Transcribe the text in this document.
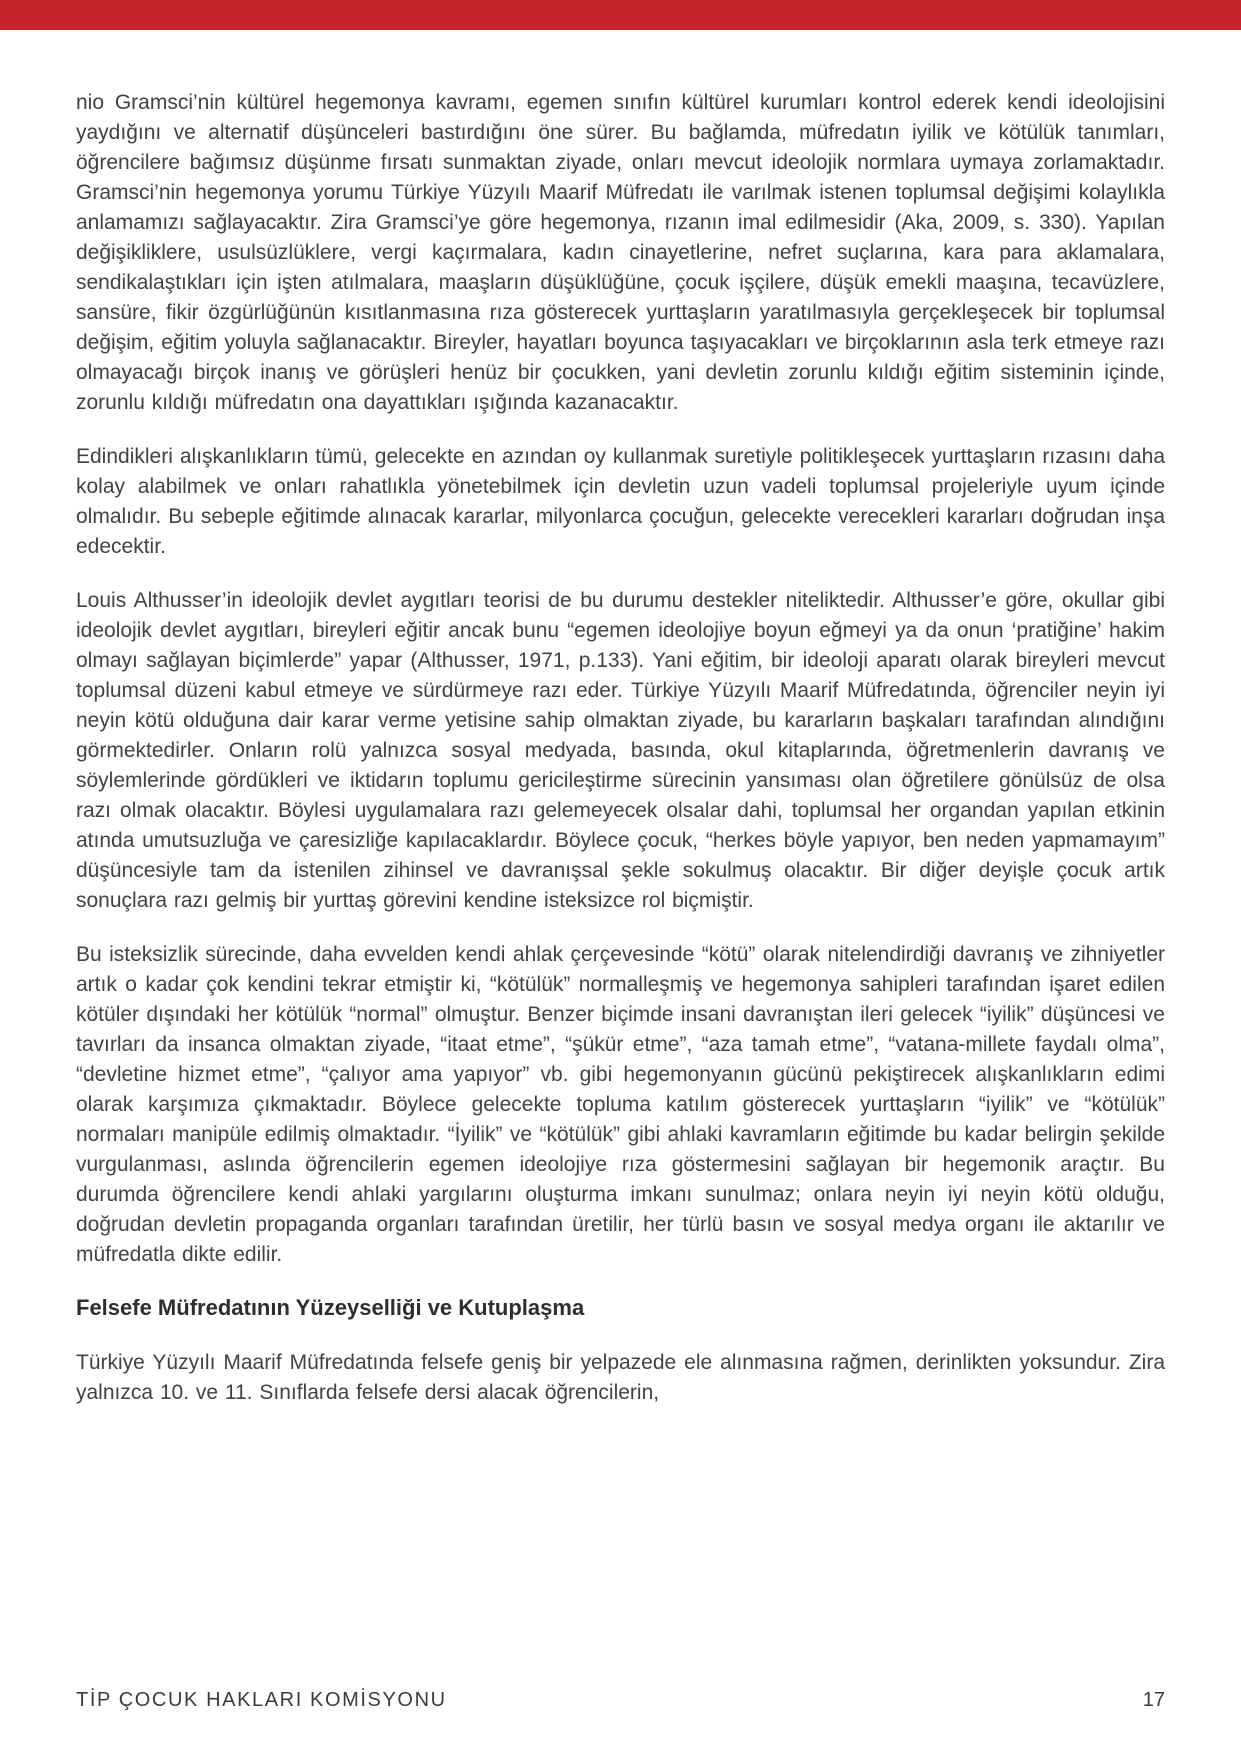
nio Gramsci’nin kültürel hegemonya kavramı, egemen sınıfın kültürel kurumları kontrol ederek kendi ideolojisini yaydığını ve alternatif düşünceleri bastırdığını öne sürer. Bu bağlamda, müfredatın iyilik ve kötülük tanımları, öğrencilere bağımsız düşünme fırsatı sunmaktan ziyade, onları mevcut ideolojik normlara uymaya zorlamaktadır. Gramsci’nin hegemonya yorumu Türkiye Yüzyılı Maarif Müfredatı ile varılmak istenen toplumsal değişimi kolaylıkla anlamamızı sağlayacaktır. Zira Gramsci’ye göre hegemonya, rızanın imal edilmesidir (Aka, 2009, s. 330). Yapılan değişikliklere, usulsüzlüklere, vergi kaçırmalara, kadın cinayetlerine, nefret suçlarına, kara para aklamalara, sendikalaştıkları için işten atılmalara, maaşların düşüklüğüne, çocuk işçilere, düşük emekli maaşına, tecavüzlere, sansüre, fikir özgürlüğünün kısıtlanmasına rıza gösterecek yurttaşların yaratılmasıyla gerçekleşecek bir toplumsal değişim, eğitim yoluyla sağlanacaktır. Bireyler, hayatları boyunca taşıyacakları ve birçoklarının asla terk etmeye razı olmayacağı birçok inanış ve görüşleri henüz bir çocukken, yani devletin zorunlu kıldığı eğitim sisteminin içinde, zorunlu kıldığı müfredatın ona dayattıkları ışığında kazanacaktır.

Edindikleri alışkanlıkların tümü, gelecekte en azından oy kullanmak suretiyle politikleşecek yurttaşların rızasını daha kolay alabilmek ve onları rahatlıkla yönetebilmek için devletin uzun vadeli toplumsal projeleriyle uyum içinde olmalıdır. Bu sebeple eğitimde alınacak kararlar, milyonlarca çocuğun, gelecekte verecekleri kararları doğrudan inşa edecektir.

Louis Althusser’in ideolojik devlet aygıtları teorisi de bu durumu destekler niteliktedir. Althusser’e göre, okullar gibi ideolojik devlet aygıtları, bireyleri eğitir ancak bunu “egemen ideolojiye boyun eğmeyi ya da onun ‘pratiğine’ hakim olmayı sağlayan biçimlerde” yapar (Althusser, 1971, p.133). Yani eğitim, bir ideoloji aparatı olarak bireyleri mevcut toplumsal düzeni kabul etmeye ve sürdürmeye razı eder. Türkiye Yüzyılı Maarif Müfredatında, öğrenciler neyin iyi neyin kötü olduğuna dair karar verme yetisine sahip olmaktan ziyade, bu kararların başkaları tarafından alındığını görmektedirler. Onların rolü yalnızca sosyal medyada, basında, okul kitaplarında, öğretmenlerin davranış ve söylemlerinde gördükleri ve iktidarın toplumu gericileştirme sürecinin yansıması olan öğretilere gönülsüz de olsa razı olmak olacaktır. Böylesi uygulamalara razı gelemeyecek olsalar dahi, toplumsal her organdan yapılan etkinin atında umutsuzluğa ve çaresizliğe kapılacaklardır. Böylece çocuk, “herkes böyle yapıyor, ben neden yapmamayım” düşüncesiyle tam da istenilen zihinsel ve davranışsal şekle sokulmuş olacaktır. Bir diğer deyişle çocuk artık sonuçlara razı gelmiş bir yurttaş görevini kendine isteksizce rol biçmiştir.

Bu isteksizlik sürecinde, daha evvelden kendi ahlak çerçevesinde “kötü” olarak nitelendirdiği davranış ve zihniyetler artık o kadar çok kendini tekrar etmiştir ki, “kötülük” normalleşmiş ve hegemonya sahipleri tarafından işaret edilen kötüler dışındaki her kötülük “normal” olmuştur. Benzer biçimde insani davranıştan ileri gelecek “iyilik” düşüncesi ve tavırları da insanca olmaktan ziyade, “itaat etme”, “şükür etme”, “aza tamah etme”, “vatana-millete faydalı olma”, “devletine hizmet etme”, “çalıyor ama yapıyor” vb. gibi hegemonyanın gücünü pekiştirecek alışkanlıkların edimi olarak karşımıza çıkmaktadır. Böylece gelecekte topluma katılım gösterecek yurttaşların “iyilik” ve “kötülük” normaları manipüle edilmiş olmaktadır. “İyilik” ve “kötülük” gibi ahlaki kavramların eğitimde bu kadar belirgin şekilde vurgulanması, aslında öğrencilerin egemen ideolojiye rıza göstermesini sağlayan bir hegemonik araçtır. Bu durumda öğrencilere kendi ahlaki yargılarını oluşturma imkanı sunulmaz; onlara neyin iyi neyin kötü olduğu, doğrudan devletin propaganda organları tarafından üretilir, her türlü basın ve sosyal medya organı ile aktarılır ve müfredatla dikte edilir.

Felsefe Müfredatının Yüzeyselliği ve Kutuplaşma

Türkiye Yüzyılı Maarif Müfredatında felsefe geniş bir yelpazede ele alınmasına rağmen, derinlikten yoksundur. Zira yalnızca 10. ve 11. Sınıflarda felsefe dersi alacak öğrencilerin,

TİP ÇOCUK HAKLARI KOMİSYONU	17
